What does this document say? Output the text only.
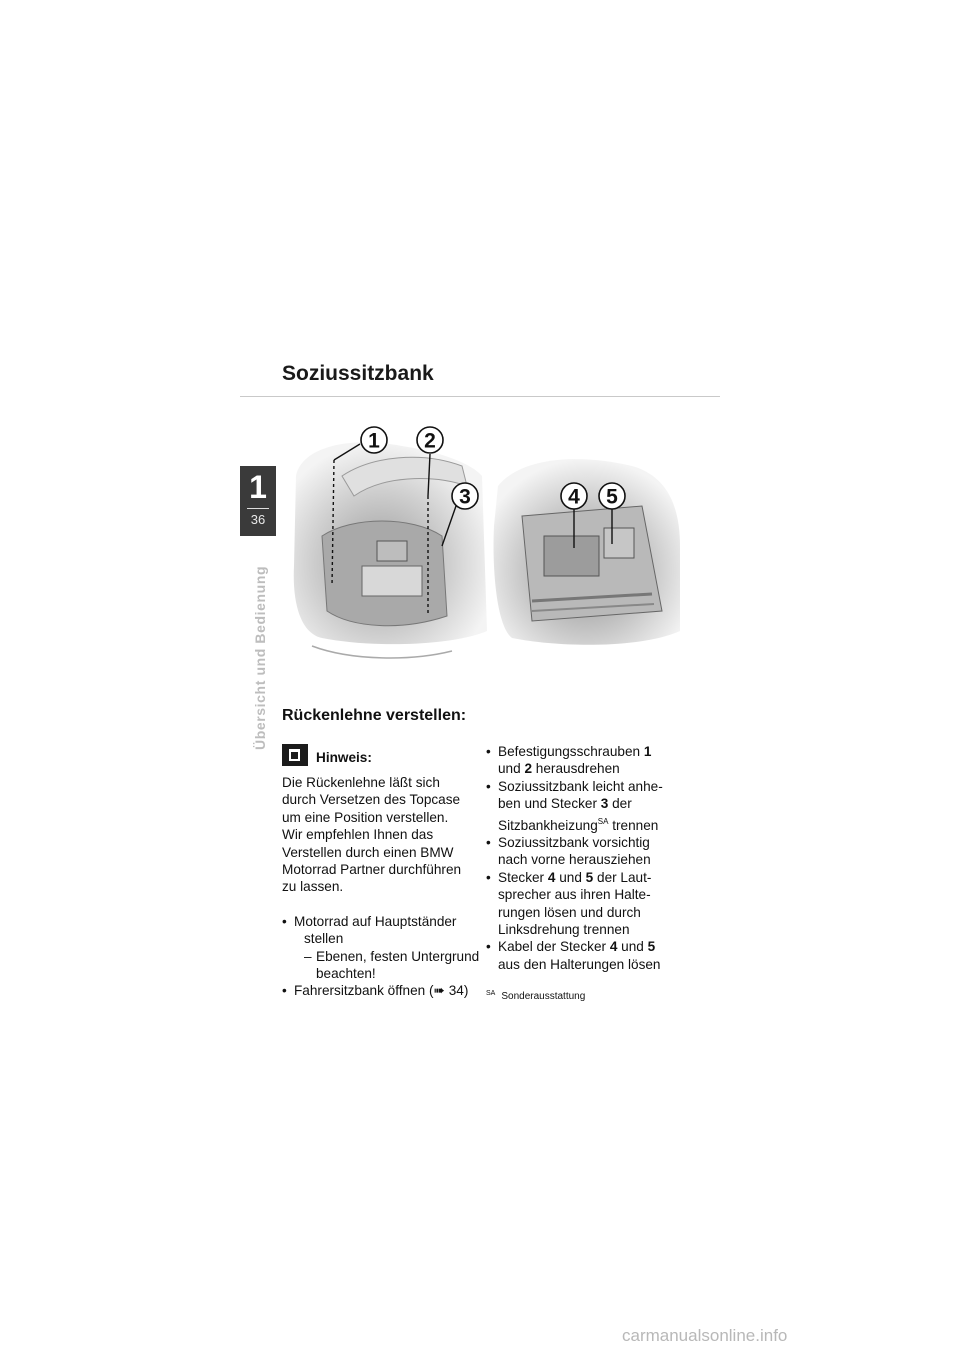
Soziussitzbank
1
36
Übersicht und Bedienung
1 2
3	4 5
Rückenlehne verstellen:
Hinweis:

Die Rückenlehne läßt sich

durch Versetzen des Topcase

um eine Position verstellen.

Wir empfehlen Ihnen das

Verstellen durch einen BMW

Motorrad Partner durchführen

zu lassen.

• Motorrad auf Hauptständer
stellen
– Ebenen, festen Untergrund
beachten!
• Fahrersitzbank öffnen (➠ 34)
• Befestigungsschrauben 1
und 2 herausdrehen
• Soziussitzbank leicht anhe-
ben und Stecker 3 der
Sitzbankheizung$^{SA}$ trennen
• Soziussitzbank vorsichtig
nach vorne herausziehen
• Stecker 4 und 5 der Laut-
sprecher aus ihren Halte-
rungen lösen und durch
Linksdrehung trennen
• Kabel der Stecker 4 und 5
aus den Halterungen lösen
$^{SA}$ Sonderausstattung
carmanualsonline.info
